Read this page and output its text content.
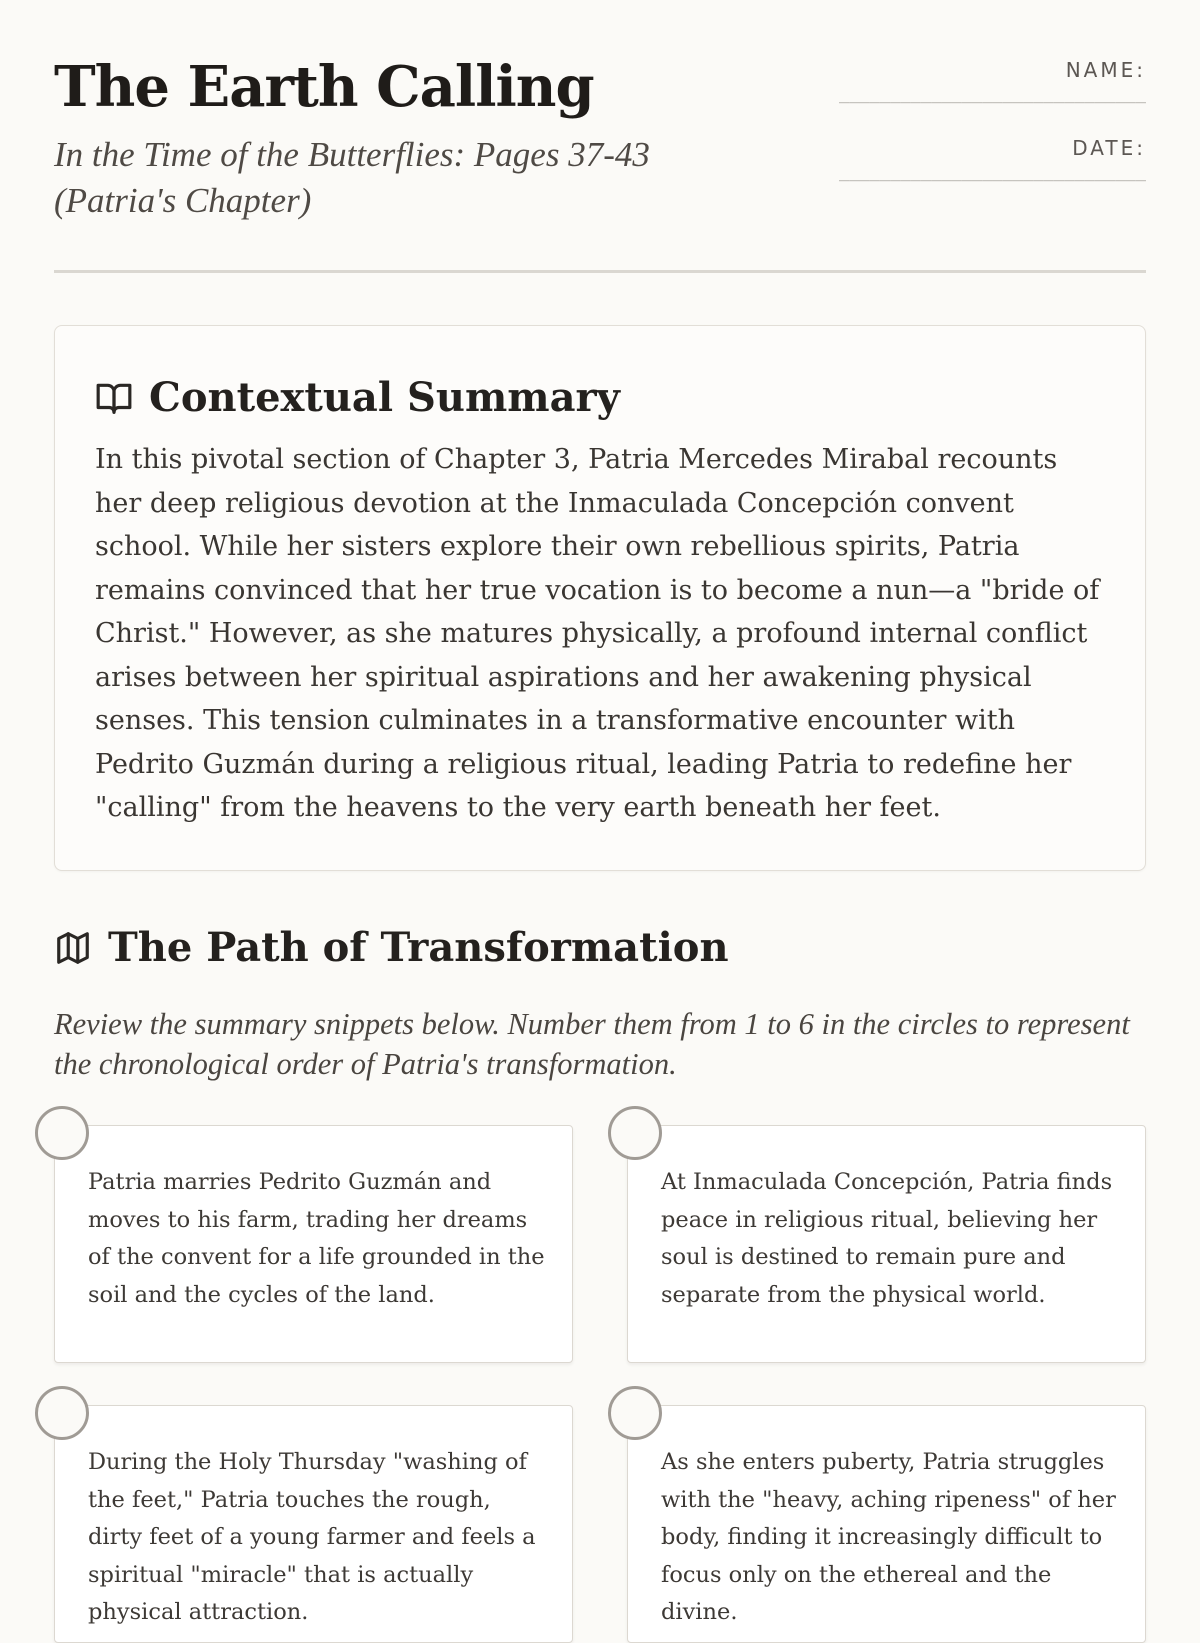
The Earth Calling

In the Time of the Butterflies: Pages 37-43 (Patria's Chapter)

NAME:
______________________________
DATE:
______________________________
Contextual Summary

In this pivotal section of Chapter 3, Patria Mercedes Mirabal recounts her deep religious devotion at the Inmaculada Concepción convent school. While her sisters explore their own rebellious spirits, Patria remains convinced that her true vocation is to become a nun—a "bride of Christ." However, as she matures physically, a profound internal conflict arises between her spiritual aspirations and her awakening physical senses. This tension culminates in a transformative encounter with Pedrito Guzmán during a religious ritual, leading Patria to redefine her "calling" from the heavens to the very earth beneath her feet.

The Path of Transformation

Review the summary snippets below. Number them from 1 to 6 in the circles to represent the chronological order of Patria's transformation.

Patria marries Pedrito Guzmán and moves to his farm, trading her dreams of the convent for a life grounded in the soil and the cycles of the land.

At Inmaculada Concepción, Patria finds peace in religious ritual, believing her soul is destined to remain pure and separate from the physical world.

During the Holy Thursday "washing of the feet," Patria touches the rough, dirty feet of a young farmer and feels a spiritual "miracle" that is actually physical attraction.

As she enters puberty, Patria struggles with the "heavy, aching ripeness" of her body, finding it increasingly difficult to focus only on the ethereal and the divine.
